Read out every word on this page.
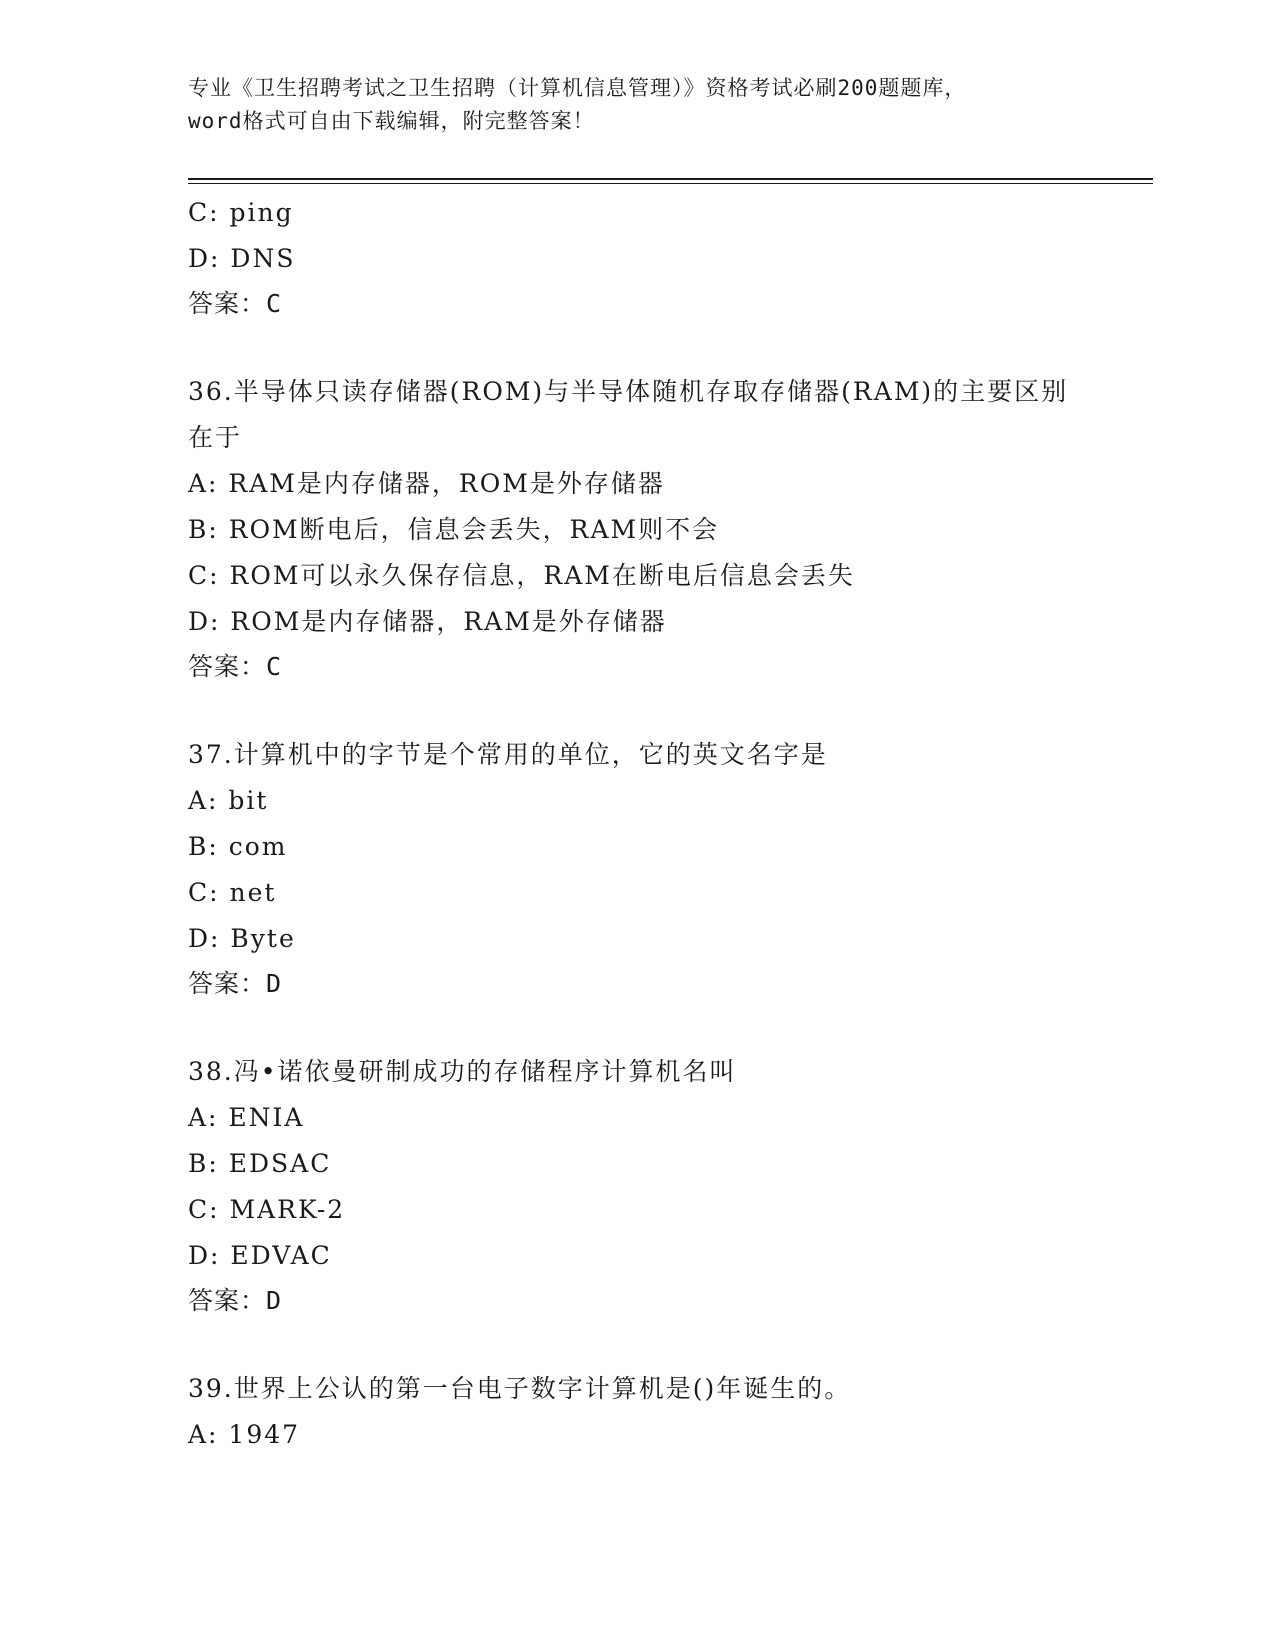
专业《卫生招聘考试之卫生招聘（计算机信息管理）》资格考试必刷200题题库，
word格式可自由下载编辑，附完整答案！
C: ping
D: DNS
答案：C
36.半导体只读存储器(ROM)与半导体随机存取存储器(RAM)的主要区别
在于
A: RAM是内存储器，ROM是外存储器
B: ROM断电后，信息会丢失，RAM则不会
C: ROM可以永久保存信息，RAM在断电后信息会丢失
D: ROM是内存储器，RAM是外存储器
答案：C
37.计算机中的字节是个常用的单位，它的英文名字是
A: bit
B: com
C: net
D: Byte
答案：D
38.冯•诺依曼研制成功的存储程序计算机名叫
A: ENIA
B: EDSAC
C: MARK-2
D: EDVAC
答案：D
39.世界上公认的第一台电子数字计算机是()年诞生的。
A: 1947
